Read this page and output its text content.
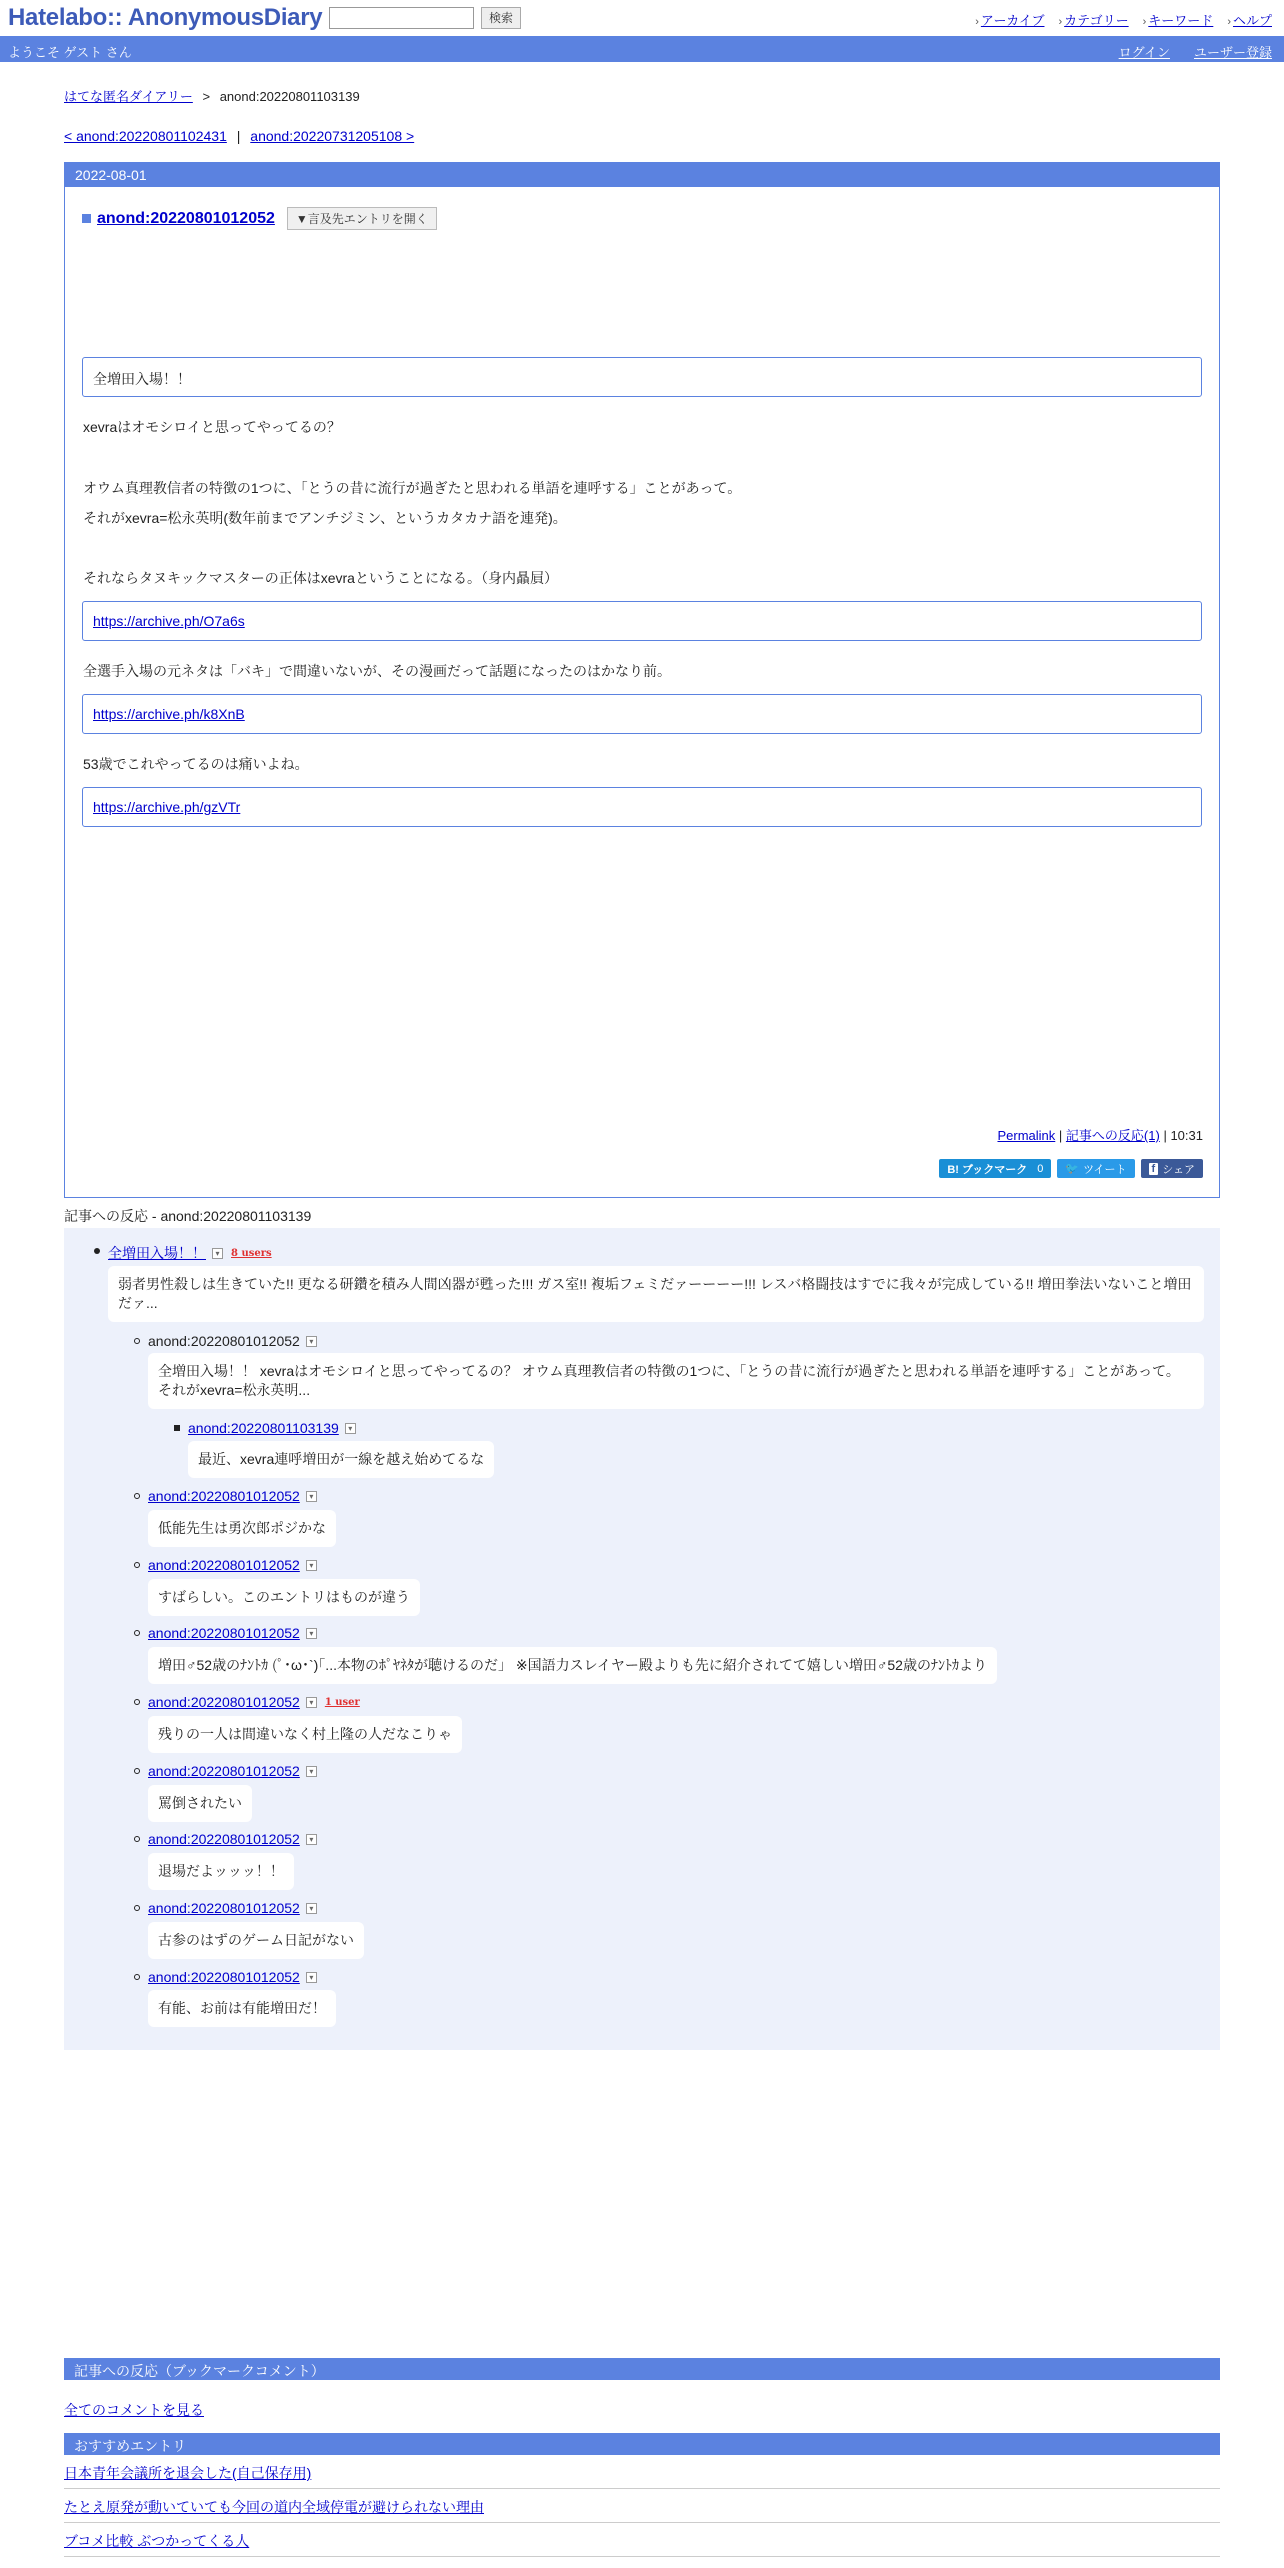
Hatelabo:: AnonymousDiary	検索	› アーカイブ › カテゴリー › キーワード › ヘルプ
ようこそ ゲスト さん	ログイン ユーザー登録
はてな匿名ダイアリー > anond:20220801103139
< anond:20220801102431 | anond:20220731205108 >
2022-08-01
anond:20220801012052	▼言及先エントリを開く
全増田入場！！
xevraはオモシロイと思ってやってるの？
オウム真理教信者の特徴の1つに、「とうの昔に流行が過ぎたと思われる単語を連呼する」ことがあって。
それがxevra=松永英明(数年前までアンチジミン、というカタカナ語を連発)。
それならタヌキックマスターの正体はxevraということになる。（身内贔屓）
https://archive.ph/O7a6s
全選手入場の元ネタは「バキ」で間違いないが、その漫画だって話題になったのはかなり前。
https://archive.ph/k8XnB
53歳でこれやってるのは痛いよね。
https://archive.ph/gzVTr
Permalink | 記事への反応(1) | 10:31
B! ブックマーク 0 🐦 ツイート f シェア
記事への反応 - anond:20220801103139
全増田入場！！	▾	8 users
弱者男性殺しは生きていた!! 更なる研鑽を積み人間凶器が甦った!!! ガス室!! 複垢フェミだァーーーー!!! レスバ格闘技はすでに我々が完成している!! 増田拳法いないこと増田だァ...
anond:20220801012052	▾
全増田入場！！ xevraはオモシロイと思ってやってるの？ オウム真理教信者の特徴の1つに、「とうの昔に流行が過ぎたと思われる単語を連呼する」ことがあって。 それがxevra=松永英明...
anond:20220801103139	▾
最近、xevra連呼増田が一線を越え始めてるな
anond:20220801012052	▾
低能先生は勇次郎ポジかな
anond:20220801012052	▾
すばらしい。このエントリはものが違う
anond:20220801012052	▾
増田♂52歳のﾅﾝﾄｶ (ﾟ･ω･`)｢...本物のﾎﾟﾔﾈﾀが聴けるのだ」 ※国語力スレイヤー殿よりも先に紹介されてて嬉しい増田♂52歳のﾅﾝﾄｶより
anond:20220801012052	▾	1 user
残りの一人は間違いなく村上隆の人だなこりゃ
anond:20220801012052	▾
罵倒されたい
anond:20220801012052	▾
退場だよッッッ！！
anond:20220801012052	▾
古参のはずのゲーム日記がない
anond:20220801012052	▾
有能、お前は有能増田だ！
記事への反応（ブックマークコメント）
全てのコメントを見る
おすすめエントリ
日本青年会議所を退会した(自己保存用)
たとえ原発が動いていても今回の道内全域停電が避けられない理由
ブコメ比較 ぶつかってくる人
